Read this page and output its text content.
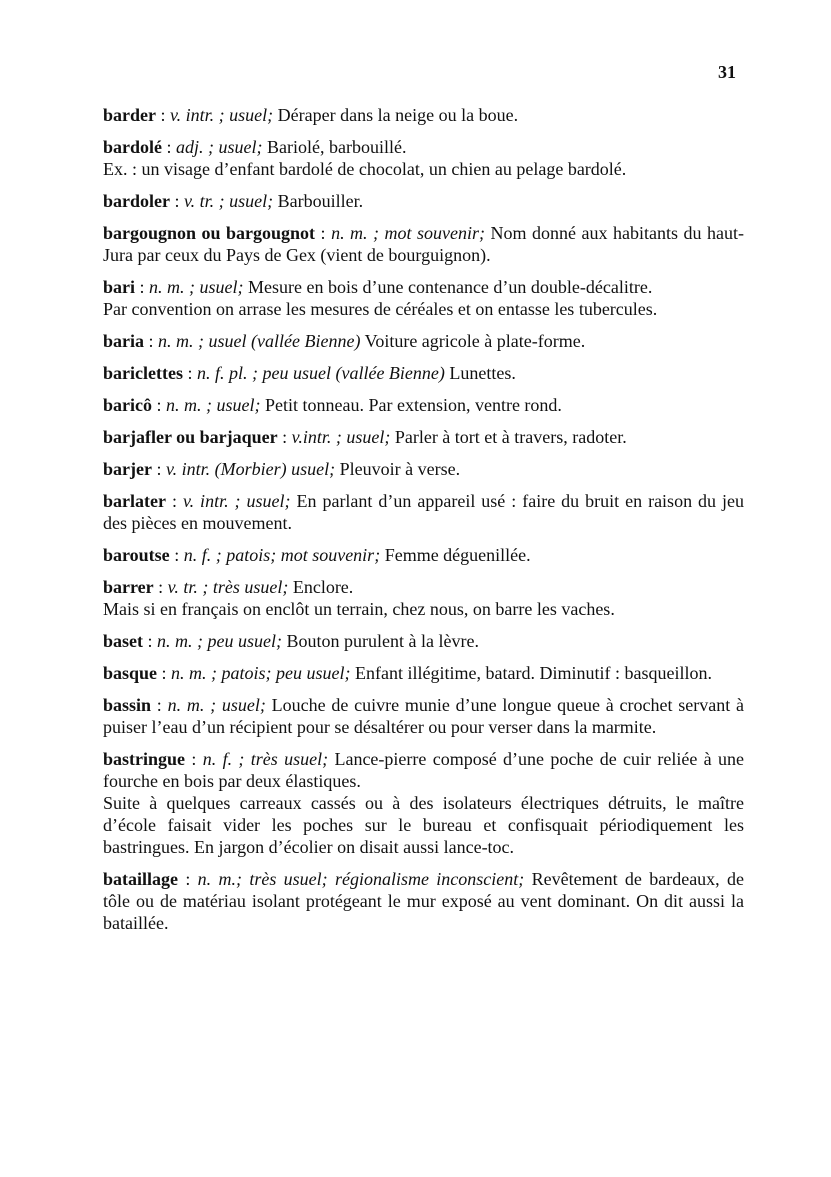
31

barder : v. intr. ; usuel; Déraper dans la neige ou la boue.

bardolé : adj. ; usuel; Bariolé, barbouillé.
Ex. : un visage d’enfant bardolé de chocolat, un chien au pelage bardolé.

bardoler : v. tr. ; usuel; Barbouiller.

bargougnon ou bargougnot : n. m. ; mot souvenir; Nom donné aux habitants du haut-Jura par ceux du Pays de Gex (vient de bourguignon).

bari : n. m. ; usuel; Mesure en bois d’une contenance d’un double-décalitre.
Par convention on arrase les mesures de céréales et on entasse les tubercules.

baria : n. m. ; usuel (vallée Bienne) Voiture agricole à plate-forme.

bariclettes : n. f. pl. ; peu usuel (vallée Bienne) Lunettes.

baricô : n. m. ; usuel; Petit tonneau. Par extension, ventre rond.

barjafler ou barjaquer : v.intr. ; usuel; Parler à tort et à travers, radoter.

barjer : v. intr. (Morbier) usuel; Pleuvoir à verse.

barlater : v. intr. ; usuel; En parlant d’un appareil usé : faire du bruit en raison du jeu des pièces en mouvement.

baroutse : n. f. ; patois; mot souvenir; Femme déguenillée.

barrer : v. tr. ; très usuel; Enclore.
Mais si en français on enclôt un terrain, chez nous, on barre les vaches.

baset : n. m. ; peu usuel; Bouton purulent à la lèvre.

basque : n. m. ; patois; peu usuel; Enfant illégitime, batard. Diminutif : basqueillon.

bassin : n. m. ; usuel; Louche de cuivre munie d’une longue queue à crochet servant à puiser l’eau d’un récipient pour se désaltérer ou pour verser dans la marmite.

bastringue : n. f. ; très usuel; Lance-pierre composé d’une poche de cuir reliée à une fourche en bois par deux élastiques.
Suite à quelques carreaux cassés ou à des isolateurs électriques détruits, le maître d’école faisait vider les poches sur le bureau et confisquait périodiquement les bastringues. En jargon d’écolier on disait aussi lance-toc.

bataillage : n. m.; très usuel; régionalisme inconscient; Revêtement de bardeaux, de tôle ou de matériau isolant protégeant le mur exposé au vent dominant. On dit aussi la bataillée.
